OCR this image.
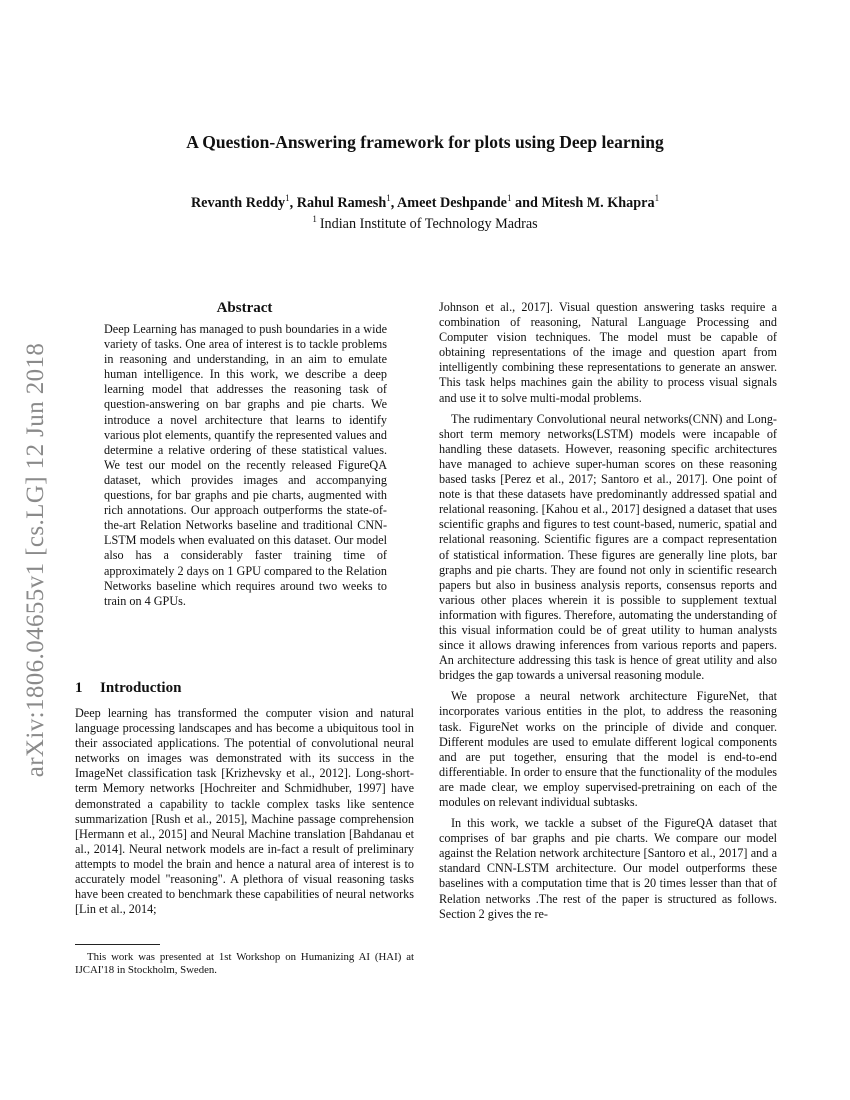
arXiv:1806.04655v1 [cs.LG] 12 Jun 2018
A Question-Answering framework for plots using Deep learning
Revanth Reddy$^1$, Rahul Ramesh$^1$, Ameet Deshpande$^1$ and Mitesh M. Khapra$^1$
$^1$ Indian Institute of Technology Madras
Abstract
Deep Learning has managed to push boundaries in a wide variety of tasks. One area of interest is to tackle problems in reasoning and understanding, in an aim to emulate human intelligence. In this work, we describe a deep learning model that addresses the reasoning task of question-answering on bar graphs and pie charts. We introduce a novel architecture that learns to identify various plot elements, quantify the represented values and determine a relative ordering of these statistical values. We test our model on the recently released FigureQA dataset, which provides images and accompanying questions, for bar graphs and pie charts, augmented with rich annotations. Our approach outperforms the state-of-the-art Relation Networks baseline and traditional CNN-LSTM models when evaluated on this dataset. Our model also has a considerably faster training time of approximately 2 days on 1 GPU compared to the Relation Networks baseline which requires around two weeks to train on 4 GPUs.
1 Introduction

Deep learning has transformed the computer vision and natural language processing landscapes and has become a ubiquitous tool in their associated applications. The potential of convolutional neural networks on images was demonstrated with its success in the ImageNet classification task [Krizhevsky et al., 2012]. Long-short-term Memory networks [Hochreiter and Schmidhuber, 1997] have demonstrated a capability to tackle complex tasks like sentence summarization [Rush et al., 2015], Machine passage comprehension [Hermann et al., 2015] and Neural Machine translation [Bahdanau et al., 2014]. Neural network models are in-fact a result of preliminary attempts to model the brain and hence a natural area of interest is to accurately model "reasoning". A plethora of visual reasoning tasks have been created to benchmark these capabilities of neural networks [Lin et al., 2014;

This work was presented at 1st Workshop on Humanizing AI (HAI) at IJCAI'18 in Stockholm, Sweden.

Johnson et al., 2017]. Visual question answering tasks require a combination of reasoning, Natural Language Processing and Computer vision techniques. The model must be capable of obtaining representations of the image and question apart from intelligently combining these representations to generate an answer. This task helps machines gain the ability to process visual signals and use it to solve multi-modal problems.

The rudimentary Convolutional neural networks(CNN) and Long-short term memory networks(LSTM) models were incapable of handling these datasets. However, reasoning specific architectures have managed to achieve super-human scores on these reasoning based tasks [Perez et al., 2017; Santoro et al., 2017]. One point of note is that these datasets have predominantly addressed spatial and relational reasoning. [Kahou et al., 2017] designed a dataset that uses scientific graphs and figures to test count-based, numeric, spatial and relational reasoning. Scientific figures are a compact representation of statistical information. These figures are generally line plots, bar graphs and pie charts. They are found not only in scientific research papers but also in business analysis reports, consensus reports and various other places wherein it is possible to supplement textual information with figures. Therefore, automating the understanding of this visual information could be of great utility to human analysts since it allows drawing inferences from various reports and papers. An architecture addressing this task is hence of great utility and also bridges the gap towards a universal reasoning module.

We propose a neural network architecture FigureNet, that incorporates various entities in the plot, to address the reasoning task. FigureNet works on the principle of divide and conquer. Different modules are used to emulate different logical components and are put together, ensuring that the model is end-to-end differentiable. In order to ensure that the functionality of the modules are made clear, we employ supervised-pretraining on each of the modules on relevant individual subtasks.

In this work, we tackle a subset of the FigureQA dataset that comprises of bar graphs and pie charts. We compare our model against the Relation network architecture [Santoro et al., 2017] and a standard CNN-LSTM architecture. Our model outperforms these baselines with a computation time that is 20 times lesser than that of Relation networks .The rest of the paper is structured as follows. Section 2 gives the re-
